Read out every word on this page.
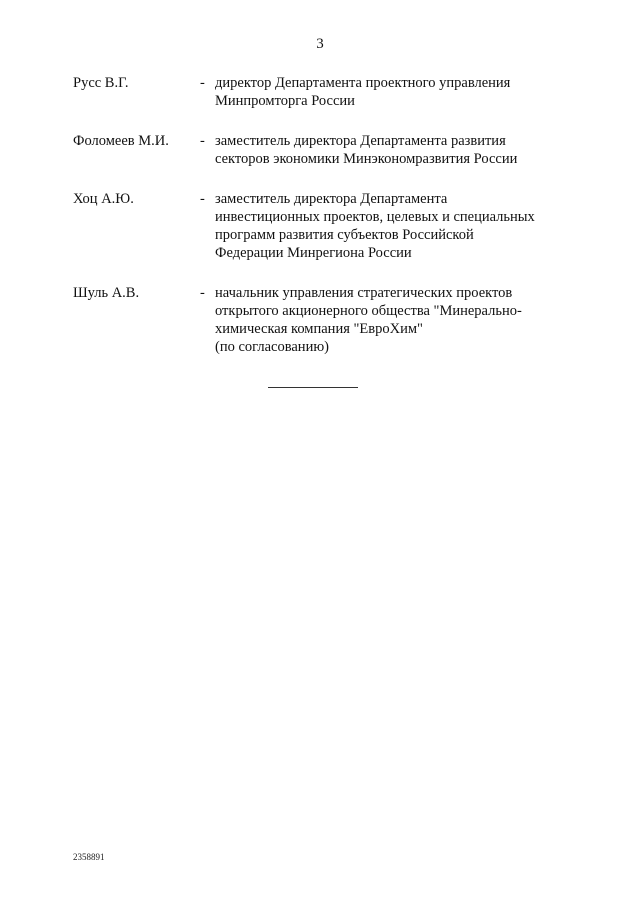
3
Русс В.Г.	- директор Департамента проектного управления
Минпромторга России
Фоломеев М.И.	- заместитель директора Департамента развития
секторов экономики Минэкономразвития России
Хоц А.Ю.	- заместитель директора Департамента
инвестиционных проектов, целевых и специальных
программ развития субъектов Российской
Федерации Минрегиона России
Шуль А.В.	- начальник управления стратегических проектов
открытого акционерного общества "Минерально-
химическая компания "ЕвроХим"
(по согласованию)
2358891
